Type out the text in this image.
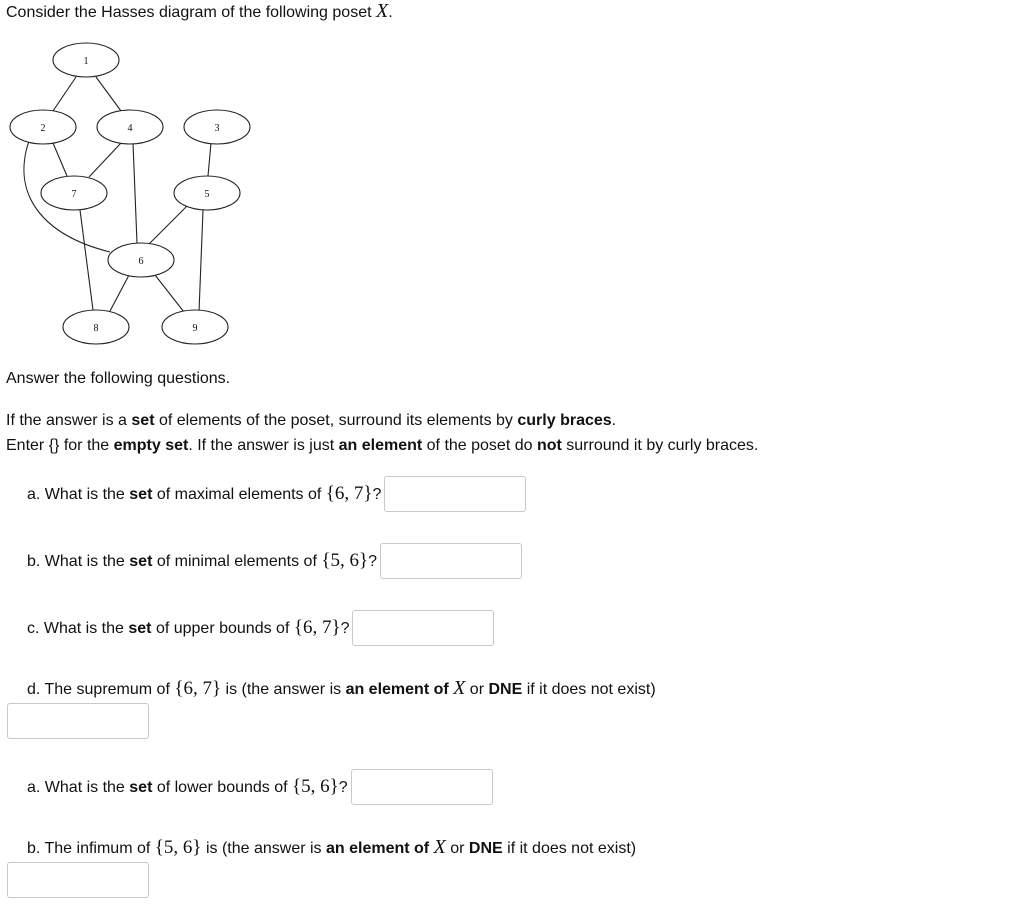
Consider the Hasses diagram of the following poset X.
1
2	4	3
7	5
6
8	9
Answer the following questions.
If the answer is a set of elements of the poset, surround its elements by curly braces.
Enter {} for the empty set. If the answer is just an element of the poset do not surround it by curly braces.
a. What is the set of maximal elements of {6, 7}?
b. What is the set of minimal elements of {5, 6}?
c. What is the set of upper bounds of {6, 7}?
d. The supremum of {6, 7} is (the answer is an element of X or DNE if it does not exist)
a. What is the set of lower bounds of {5, 6}?
b. The infimum of {5, 6} is (the answer is an element of X or DNE if it does not exist)
